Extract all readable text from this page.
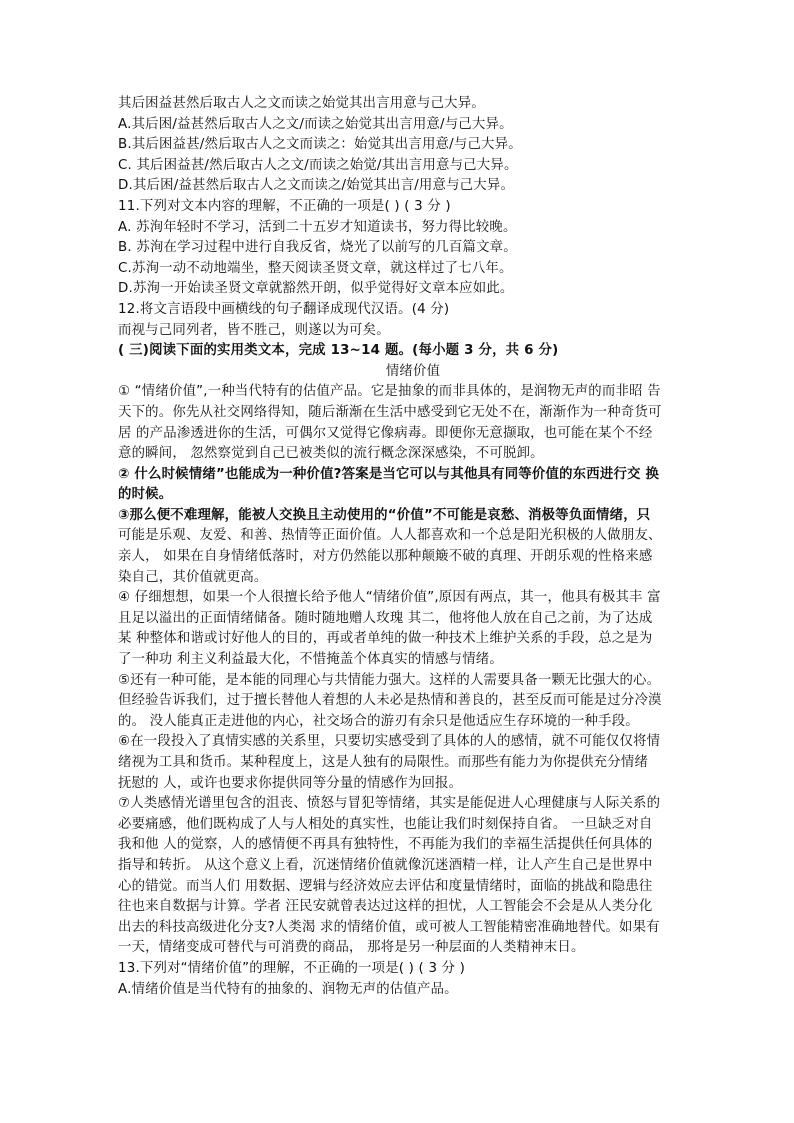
其后困益甚然后取古人之文而读之始觉其出言用意与己大异。
A.其后困/益甚然后取古人之文/而读之始觉其出言用意/与己大异。
B.其后困益甚/然后取古人之文而读之：始觉其出言用意/与己大异。
C. 其后困益甚/然后取古人之文/而读之始觉/其出言用意与己大异。
D.其后困/益甚然后取古人之文而读之/始觉其出言/用意与己大异。
11.下列对文本内容的理解，不正确的一项是( ) ( 3 分 )
A. 苏洵年轻时不学习，活到二十五岁才知道读书，努力得比较晚。
B. 苏洵在学习过程中进行自我反省，烧光了以前写的几百篇文章。
C.苏洵一动不动地端坐，整天阅读圣贤文章，就这样过了七八年。
D.苏洵一开始读圣贤文章就豁然开朗，似乎觉得好文章本应如此。
12.将文言语段中画横线的句子翻译成现代汉语。(4 分)
而视与己同列者，皆不胜己，则遂以为可矣。
( 三)阅读下面的实用类文本，完成 13~14 题。(每小题 3 分，共 6 分)
情绪价值
① “情绪价值”,一种当代特有的估值产品。它是抽象的而非具体的，是润物无声的而非昭 告
天下的。你先从社交网络得知，随后渐渐在生活中感受到它无处不在，渐渐作为一种奇货可
居 的产品渗透进你的生活，可偶尔又觉得它像病毒。即便你无意撷取，也可能在某个不经
意的瞬间， 忽然察觉到自己已被类似的流行概念深深感染，不可脱卸。
② 什么时候情绪”也能成为一种价值?答案是当它可以与其他具有同等价值的东西进行交 换
的时候。
③那么便不难理解，能被人交换且主动使用的“价值”不可能是哀愁、消极等负面情绪，只
可能是乐观、友爱、和善、热情等正面价值。人人都喜欢和一个总是阳光积极的人做朋友、
亲人， 如果在自身情绪低落时，对方仍然能以那种颠簸不破的真理、开朗乐观的性格来感
染自己，其价值就更高。
④ 仔细想想，如果一个人很擅长给予他人“情绪价值”,原因有两点，其一，他具有极其丰 富
且足以溢出的正面情绪储备。随时随地赠人玫瑰 其二，他将他人放在自己之前，为了达成
某 种整体和谐或讨好他人的目的，再或者单纯的做一种技术上维护关系的手段，总之是为
了一种功 利主义利益最大化，不惜掩盖个体真实的情感与情绪。
⑤还有一种可能，是本能的同理心与共情能力强大。这样的人需要具备一颗无比强大的心。
但经验告诉我们，过于擅长替他人着想的人未必是热情和善良的，甚至反而可能是过分冷漠
的。 没人能真正走进他的内心，社交场合的游刃有余只是他适应生存环境的一种手段。
⑥在一段投入了真情实感的关系里，只要切实感受到了具体的人的感情，就不可能仅仅将情
绪视为工具和货币。某种程度上，这是人独有的局限性。而那些有能力为你提供充分情绪
抚慰的 人，或许也要求你提供同等分量的情感作为回报。
⑦人类感情光谱里包含的沮丧、愤怒与冒犯等情绪，其实是能促进人心理健康与人际关系的
必要痛感，他们既构成了人与人相处的真实性，也能让我们时刻保持自省。 一旦缺乏对自
我和他 人的觉察，人的感情便不再具有独特性，不再能为我们的幸福生活提供任何具体的
指导和转折。 从这个意义上看，沉迷情绪价值就像沉迷酒精一样，让人产生自己是世界中
心的错觉。而当人们 用数据、逻辑与经济效应去评估和度量情绪时，面临的挑战和隐患往
往也来自数据与计算。学者 汪民安就曾表达过这样的担忧，人工智能会不会是从人类分化
出去的科技高级进化分支?人类渴 求的情绪价值，或可被人工智能精密准确地替代。如果有
一天，情绪变成可替代与可消费的商品， 那将是另一种层面的人类精神末日。
13.下列对“情绪价值”的理解，不正确的一项是( ) ( 3 分 )
A.情绪价值是当代特有的抽象的、润物无声的估值产品。
